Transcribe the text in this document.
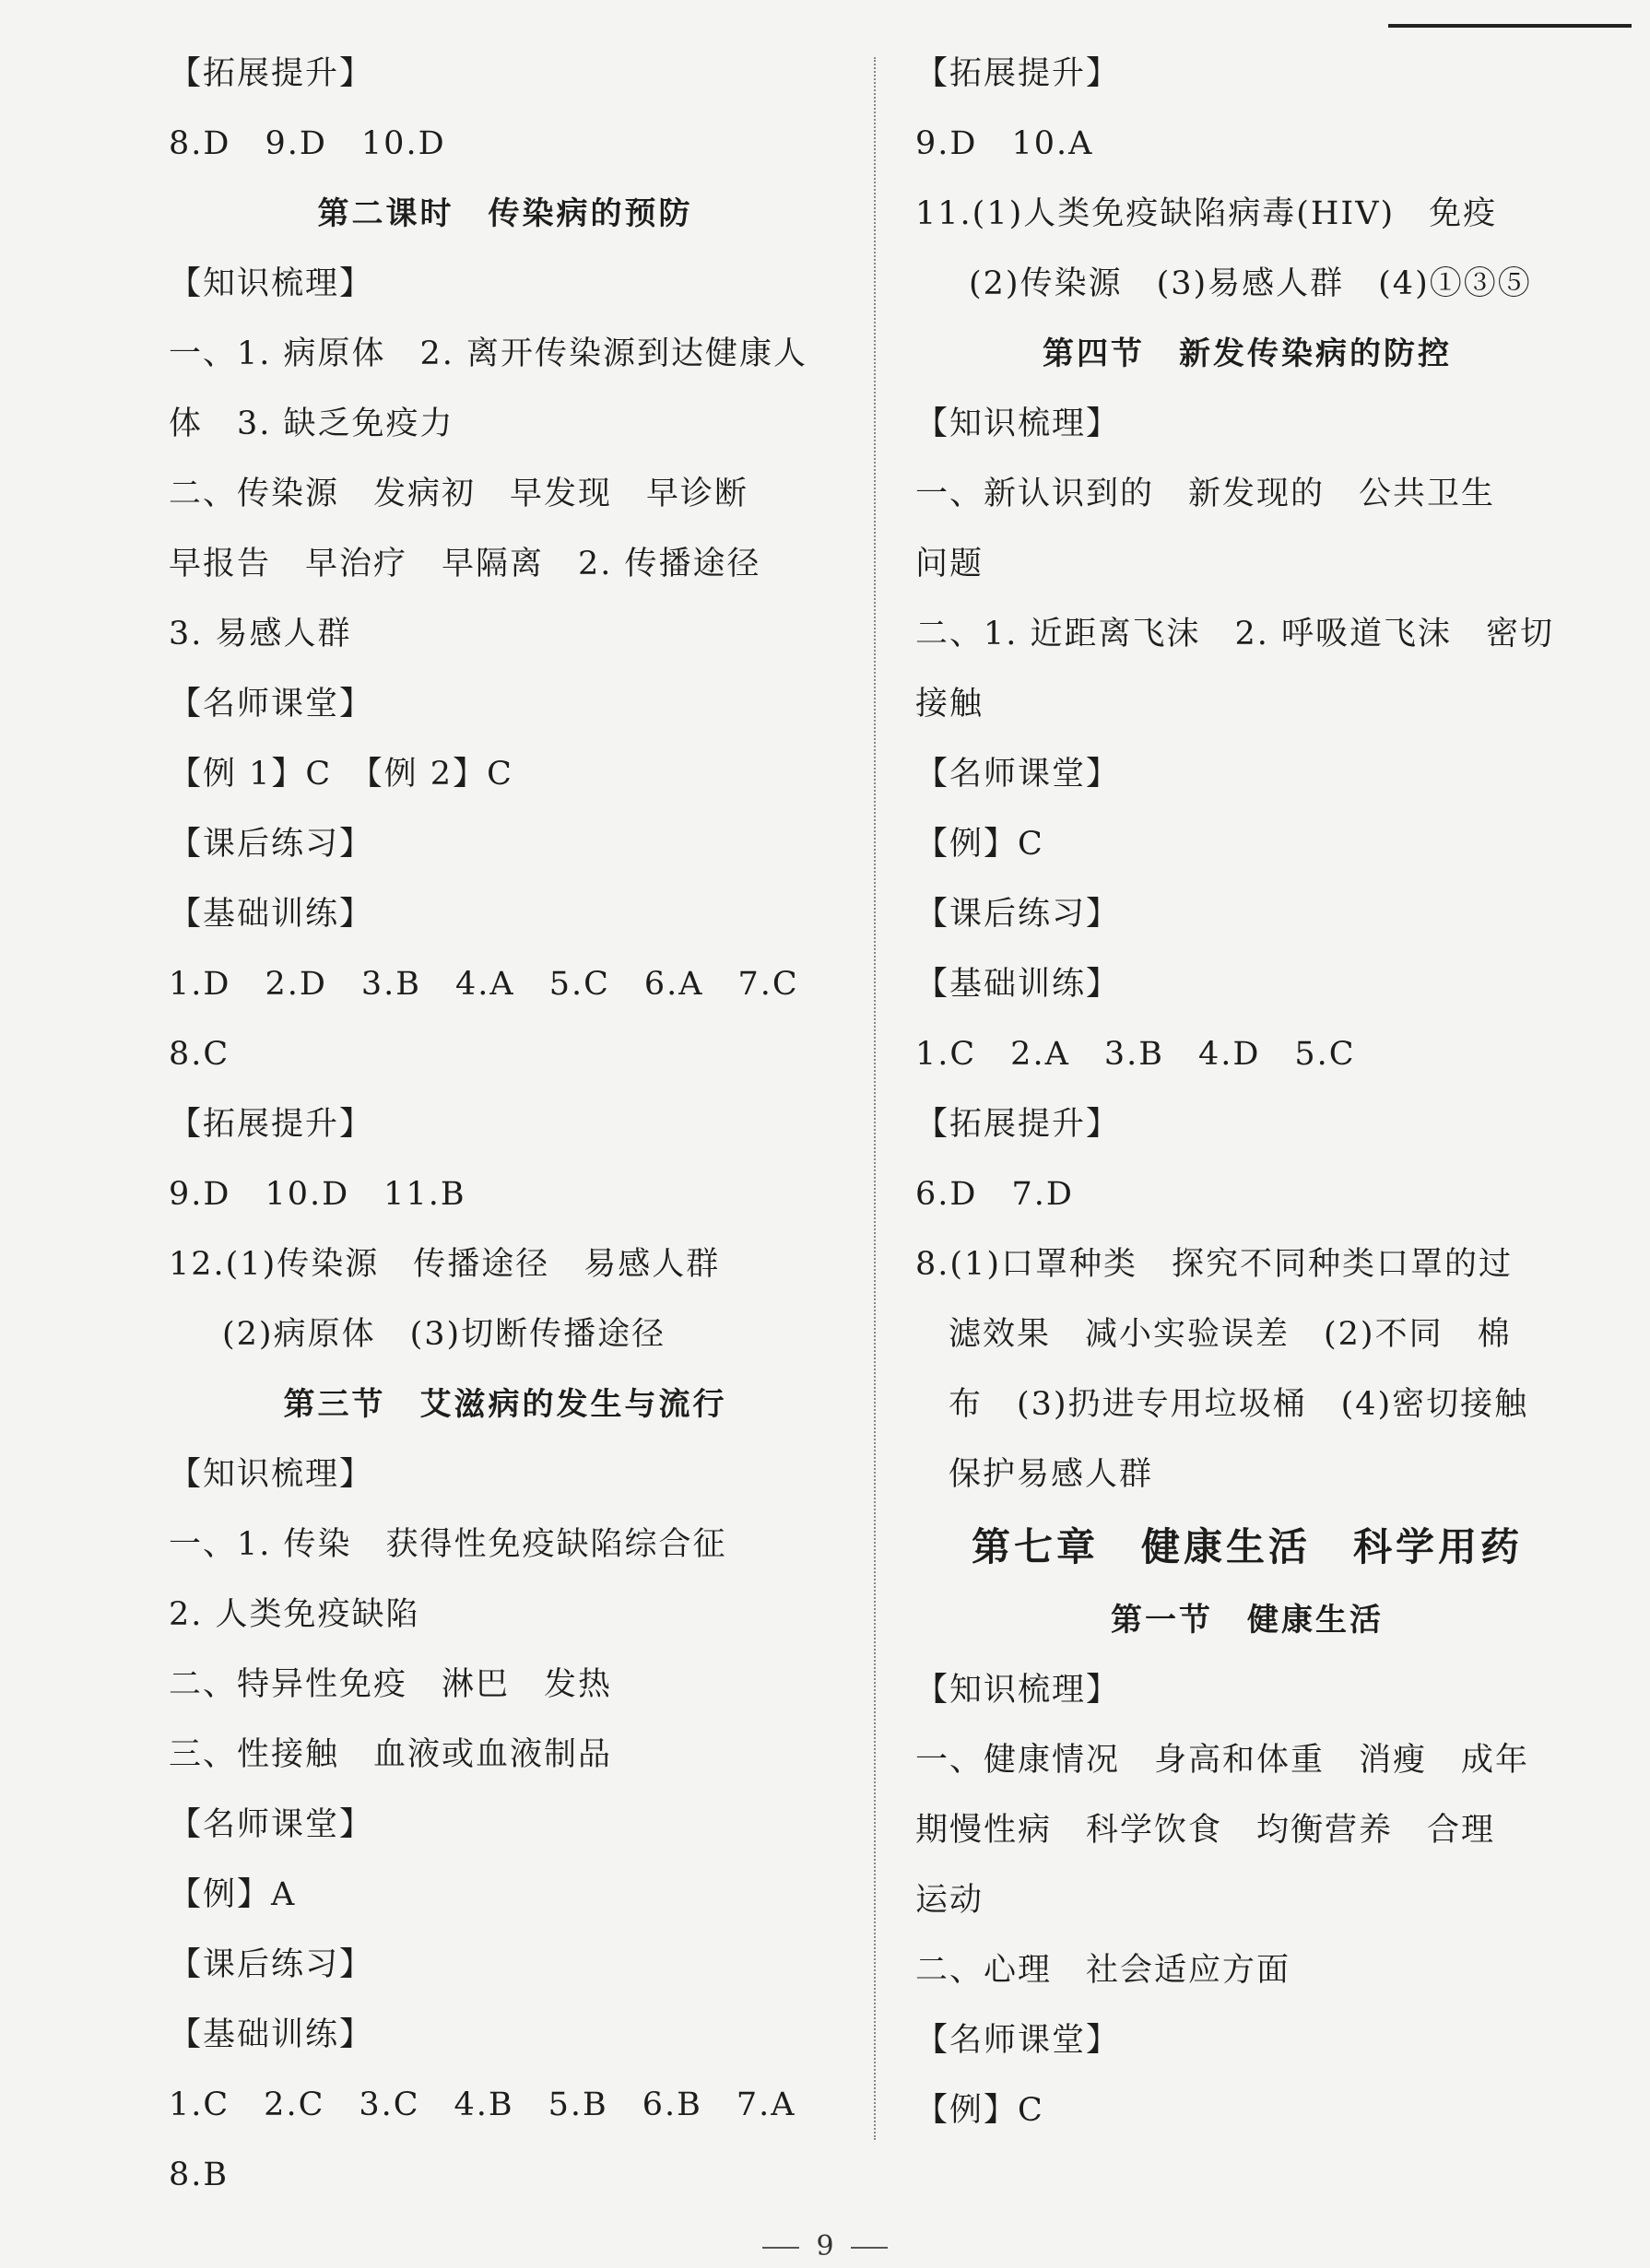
【拓展提升】
8.D　9.D　10.D
第二课时　传染病的预防
【知识梳理】
一、1. 病原体　2. 离开传染源到达健康人
体　3. 缺乏免疫力
二、传染源　发病初　早发现　早诊断
早报告　早治疗　早隔离　2. 传播途径
3. 易感人群
【名师课堂】
【例 1】C　【例 2】C
【课后练习】
【基础训练】
1.D　2.D　3.B　4.A　5.C　6.A　7.C
8.C
【拓展提升】
9.D　10.D　11.B
12.(1)传染源　传播途径　易感人群
(2)病原体　(3)切断传播途径
第三节　艾滋病的发生与流行
【知识梳理】
一、1. 传染　获得性免疫缺陷综合征
2. 人类免疫缺陷
二、特异性免疫　淋巴　发热
三、性接触　血液或血液制品
【名师课堂】
【例】A
【课后练习】
【基础训练】
1.C　2.C　3.C　4.B　5.B　6.B　7.A
8.B
【拓展提升】
9.D　10.A
11.(1)人类免疫缺陷病毒(HIV)　免疫
(2)传染源　(3)易感人群　(4)①③⑤
第四节　新发传染病的防控
【知识梳理】
一、新认识到的　新发现的　公共卫生
问题
二、1. 近距离飞沫　2. 呼吸道飞沫　密切
接触
【名师课堂】
【例】C
【课后练习】
【基础训练】
1.C　2.A　3.B　4.D　5.C
【拓展提升】
6.D　7.D
8.(1)口罩种类　探究不同种类口罩的过
滤效果　减小实验误差　(2)不同　棉
布　(3)扔进专用垃圾桶　(4)密切接触
保护易感人群
第七章　健康生活　科学用药
第一节　健康生活
【知识梳理】
一、健康情况　身高和体重　消瘦　成年
期慢性病　科学饮食　均衡营养　合理
运动
二、心理　社会适应方面
【名师课堂】
【例】C
9
